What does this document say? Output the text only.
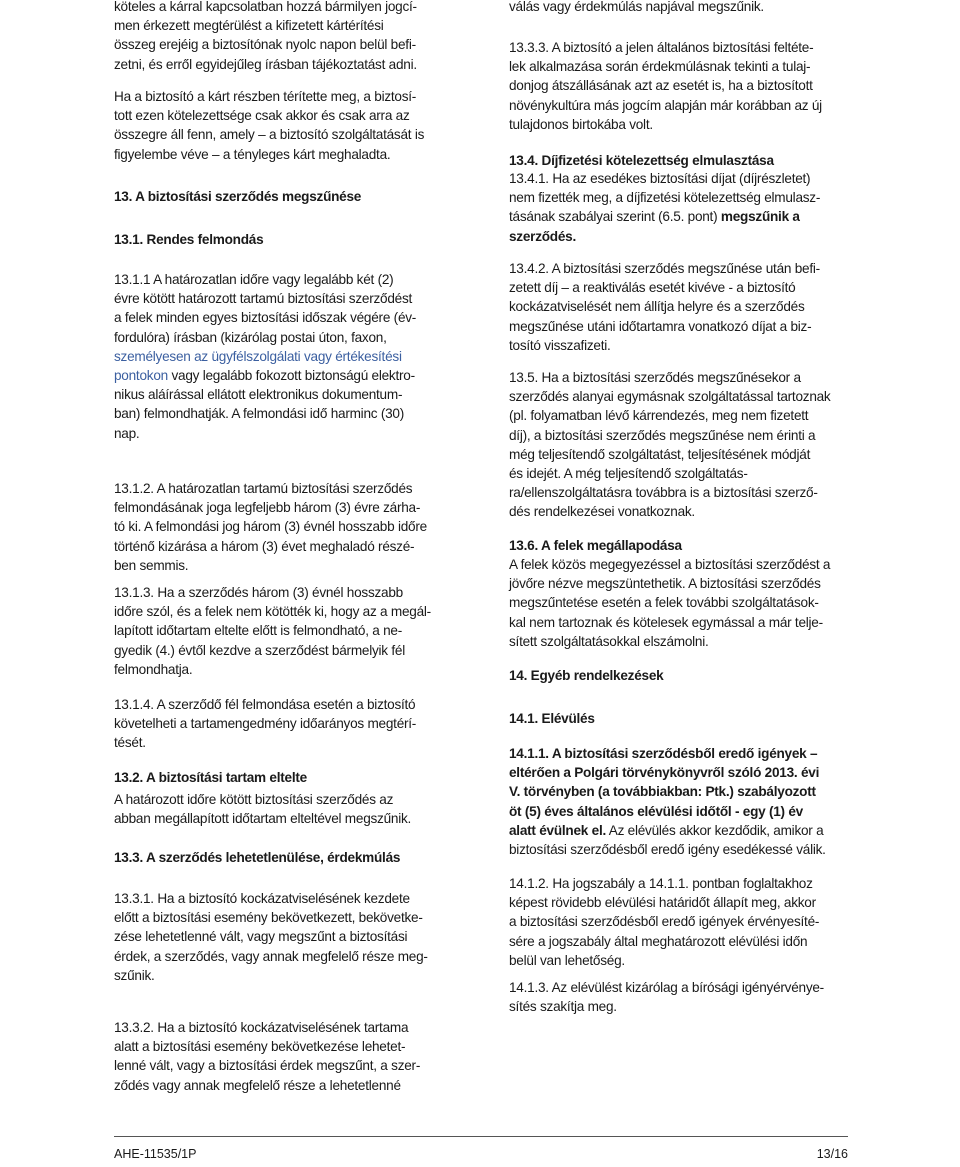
köteles a kárral kapcsolatban hozzá bármilyen jogcí-
men érkezett megtérülést a kifizetett kártérítési
összeg erejéig a biztosítónak nyolc napon belül befi-
zetni, és erről egyidejűleg írásban tájékoztatást adni.
Ha a biztosító a kárt részben térítette meg, a biztosí-
tott ezen kötelezettsége csak akkor és csak arra az
összegre áll fenn, amely – a biztosító szolgáltatását is
figyelembe véve – a tényleges kárt meghaladta.
13. A biztosítási szerződés megszűnése
13.1. Rendes felmondás
13.1.1 A határozatlan időre vagy legalább két (2)
évre kötött határozott tartamú biztosítási szerződést
a felek minden egyes biztosítási időszak végére (év-
fordulóra) írásban (kizárólag postai úton, faxon,
személyesen az ügyfélszolgálati vagy értékesítési
pontokon vagy legalább fokozott biztonságú elektro-
nikus aláírással ellátott elektronikus dokumentum-
ban) felmondhatják. A felmondási idő harminc (30)
nap.
13.1.2. A határozatlan tartamú biztosítási szerződés
felmondásának joga legfeljebb három (3) évre zárha-
tó ki. A felmondási jog három (3) évnél hosszabb időre
történő kizárása a három (3) évet meghaladó részé-
ben semmis.
13.1.3. Ha a szerződés három (3) évnél hosszabb
időre szól, és a felek nem kötötték ki, hogy az a megál-
lapított időtartam eltelte előtt is felmondható, a ne-
gyedik (4.) évtől kezdve a szerződést bármelyik fél
felmondhatja.
13.1.4. A szerződő fél felmondása esetén a biztosító
követelheti a tartamengedmény időarányos megtérí-
tését.
13.2. A biztosítási tartam eltelte
A határozott időre kötött biztosítási szerződés az
abban megállapított időtartam elteltével megszűnik.
13.3. A szerződés lehetetlenülése, érdekmúlás
13.3.1. Ha a biztosító kockázatviselésének kezdete
előtt a biztosítási esemény bekövetkezett, bekövetke-
zése lehetetlenné vált, vagy megszűnt a biztosítási
érdek, a szerződés, vagy annak megfelelő része meg-
szűnik.
13.3.2. Ha a biztosító kockázatviselésének tartama
alatt a biztosítási esemény bekövetkezése lehetet-
lenné vált, vagy a biztosítási érdek megszűnt, a szer-
ződés vagy annak megfelelő része a lehetetlenné
válás vagy érdekmúlás napjával megszűnik.
13.3.3. A biztosító a jelen általános biztosítási feltéte-
lek alkalmazása során érdekmúlásnak tekinti a tulaj-
donjog átszállásának azt az esetét is, ha a biztosított
növénykultúra más jogcím alapján már korábban az új
tulajdonos birtokába volt.
13.4. Díjfizetési kötelezettség elmulasztása
13.4.1. Ha az esedékes biztosítási díjat (díjrészletet)
nem fizették meg, a díjfizetési kötelezettség elmulasz-
tásának szabályai szerint (6.5. pont) megszűnik a
szerződés.
13.4.2. A biztosítási szerződés megszűnése után befi-
zetett díj – a reaktiválás esetét kivéve - a biztosító
kockázatviselését nem állítja helyre és a szerződés
megszűnése utáni időtartamra vonatkozó díjat a biz-
tosító visszafizeti.
13.5. Ha a biztosítási szerződés megszűnésekor a
szerződés alanyai egymásnak szolgáltatással tartoznak
(pl. folyamatban lévő kárrendezés, meg nem fizetett
díj), a biztosítási szerződés megszűnése nem érinti a
még teljesítendő szolgáltatást, teljesítésének módját
és idejét. A még teljesítendő szolgáltatás-
ra/ellenszolgáltatásra továbbra is a biztosítási szerző-
dés rendelkezései vonatkoznak.
13.6. A felek megállapodása
A felek közös megegyezéssel a biztosítási szerződést a
jövőre nézve megszüntethetik. A biztosítási szerződés
megszűntetése esetén a felek további szolgáltatások-
kal nem tartoznak és kötelesek egymással a már telje-
sített szolgáltatásokkal elszámolni.
14. Egyéb rendelkezések
14.1. Elévülés
14.1.1. A biztosítási szerződésből eredő igények –
eltérően a Polgári törvénykönyvről szóló 2013. évi
V. törvényben (a továbbiakban: Ptk.) szabályozott
öt (5) éves általános elévülési időtől - egy (1) év
alatt évülnek el. Az elévülés akkor kezdődik, amikor a
biztosítási szerződésből eredő igény esedékessé válik.
14.1.2. Ha jogszabály a 14.1.1. pontban foglaltakhoz
képest rövidebb elévülési határidőt állapít meg, akkor
a biztosítási szerződésből eredő igények érvényesíté-
sére a jogszabály által meghatározott elévülési időn
belül van lehetőség.
14.1.3. Az elévülést kizárólag a bírósági igényérvénye-
sítés szakítja meg.
AHE-11535/1P	13/16
